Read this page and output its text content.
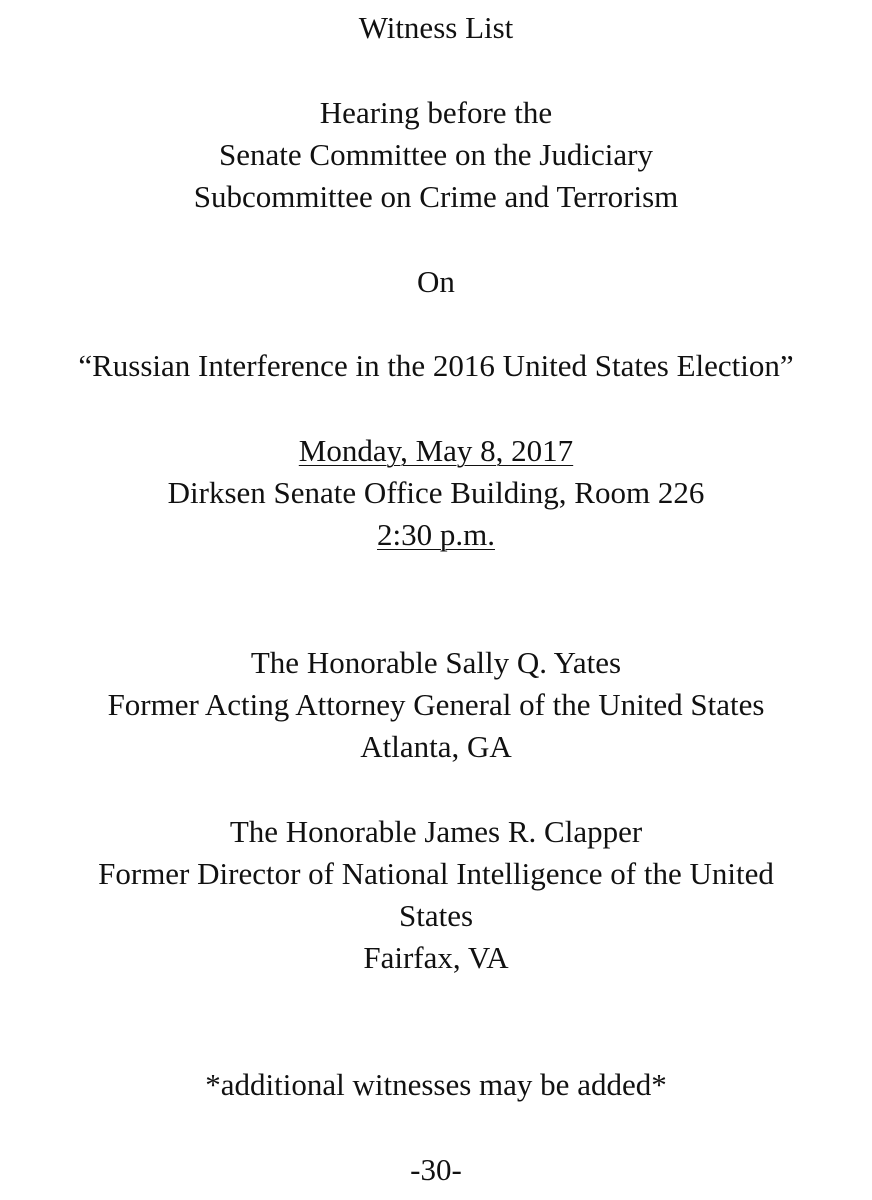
Witness List
Hearing before the
Senate Committee on the Judiciary
Subcommittee on Crime and Terrorism
On
“Russian Interference in the 2016 United States Election”
Monday, May 8, 2017
Dirksen Senate Office Building, Room 226
2:30 p.m.
The Honorable Sally Q. Yates
Former Acting Attorney General of the United States
Atlanta, GA
The Honorable James R. Clapper
Former Director of National Intelligence of the United
States
Fairfax, VA
*additional witnesses may be added*
-30-
